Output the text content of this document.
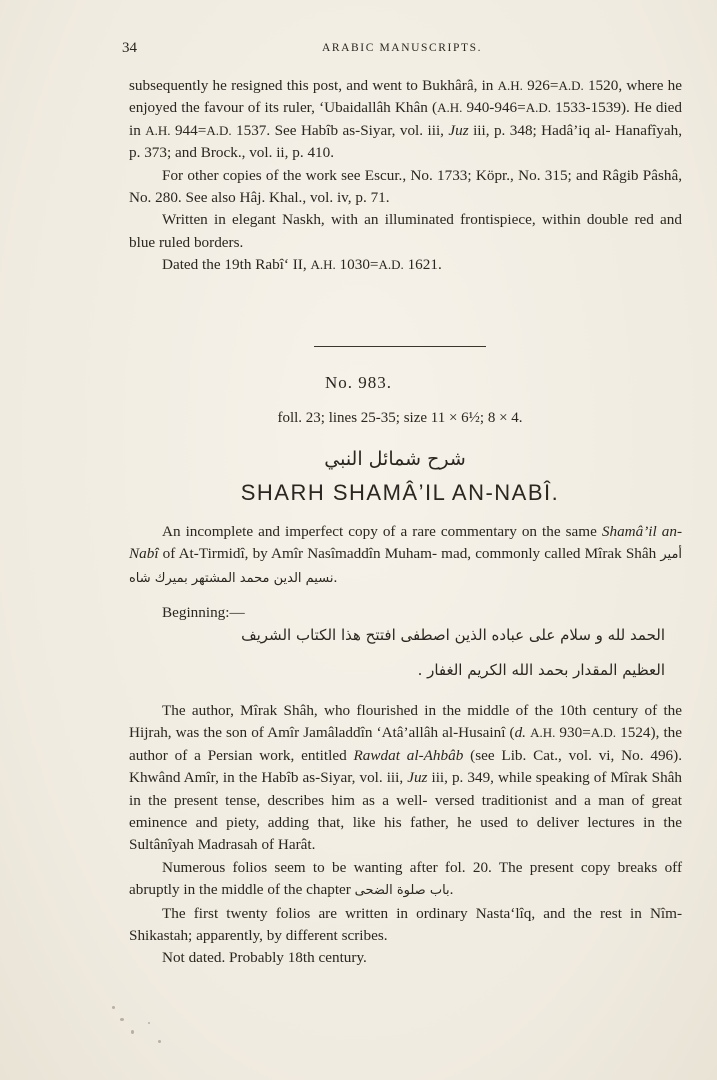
34	ARABIC MANUSCRIPTS.

subsequently he resigned this post, and went to Bukhârâ, in A.H. 926=A.D. 1520, where he enjoyed the favour of its ruler, ‘Ubaidallâh Khân (A.H. 940-946=A.D. 1533-1539). He died in A.H. 944=A.D. 1537. See Habîb as-Siyar, vol. iii, Juz iii, p. 348; Hadâ’iq al- Hanafîyah, p. 373; and Brock., vol. ii, p. 410.

For other copies of the work see Escur., No. 1733; Köpr., No. 315; and Râgib Pâshâ, No. 280. See also Hâj. Khal., vol. iv, p. 71.

Written in elegant Naskh, with an illuminated frontispiece, within double red and blue ruled borders.

Dated the 19th Rabî‘ II, A.H. 1030=A.D. 1621.

No. 983.
foll. 23; lines 25-35; size 11 × 6½; 8 × 4.
شرح شمائل النبي
SHARH SHAMÂ’IL AN-NABÎ.

An incomplete and imperfect copy of a rare commentary on the same Shamâ’il an-Nabî of At-Tirmidî, by Amîr Nasîmaddîn Muham- mad, commonly called Mîrak Shâh أمير نسيم الدين محمد المشتهر بميرك شاه.

Beginning:—

الحمد لله و سلام على عباده الذين اصطفى افتتح هذا الكتاب الشريف
العظيم المقدار بحمد الله الكريم الغفار .

The author, Mîrak Shâh, who flourished in the middle of the 10th century of the Hijrah, was the son of Amîr Jamâladdîn ‘Atâ’allâh al-Husainî (d. A.H. 930=A.D. 1524), the author of a Persian work, entitled Rawdat al-Ahbâb (see Lib. Cat., vol. vi, No. 496). Khwând Amîr, in the Habîb as-Siyar, vol. iii, Juz iii, p. 349, while speaking of Mîrak Shâh in the present tense, describes him as a well- versed traditionist and a man of great eminence and piety, adding that, like his father, he used to deliver lectures in the Sultânîyah Madrasah of Harât.

Numerous folios seem to be wanting after fol. 20. The present copy breaks off abruptly in the middle of the chapter باب صلوة الضحى.

The first twenty folios are written in ordinary Nasta‘lîq, and the rest in Nîm-Shikastah; apparently, by different scribes.

Not dated. Probably 18th century.
